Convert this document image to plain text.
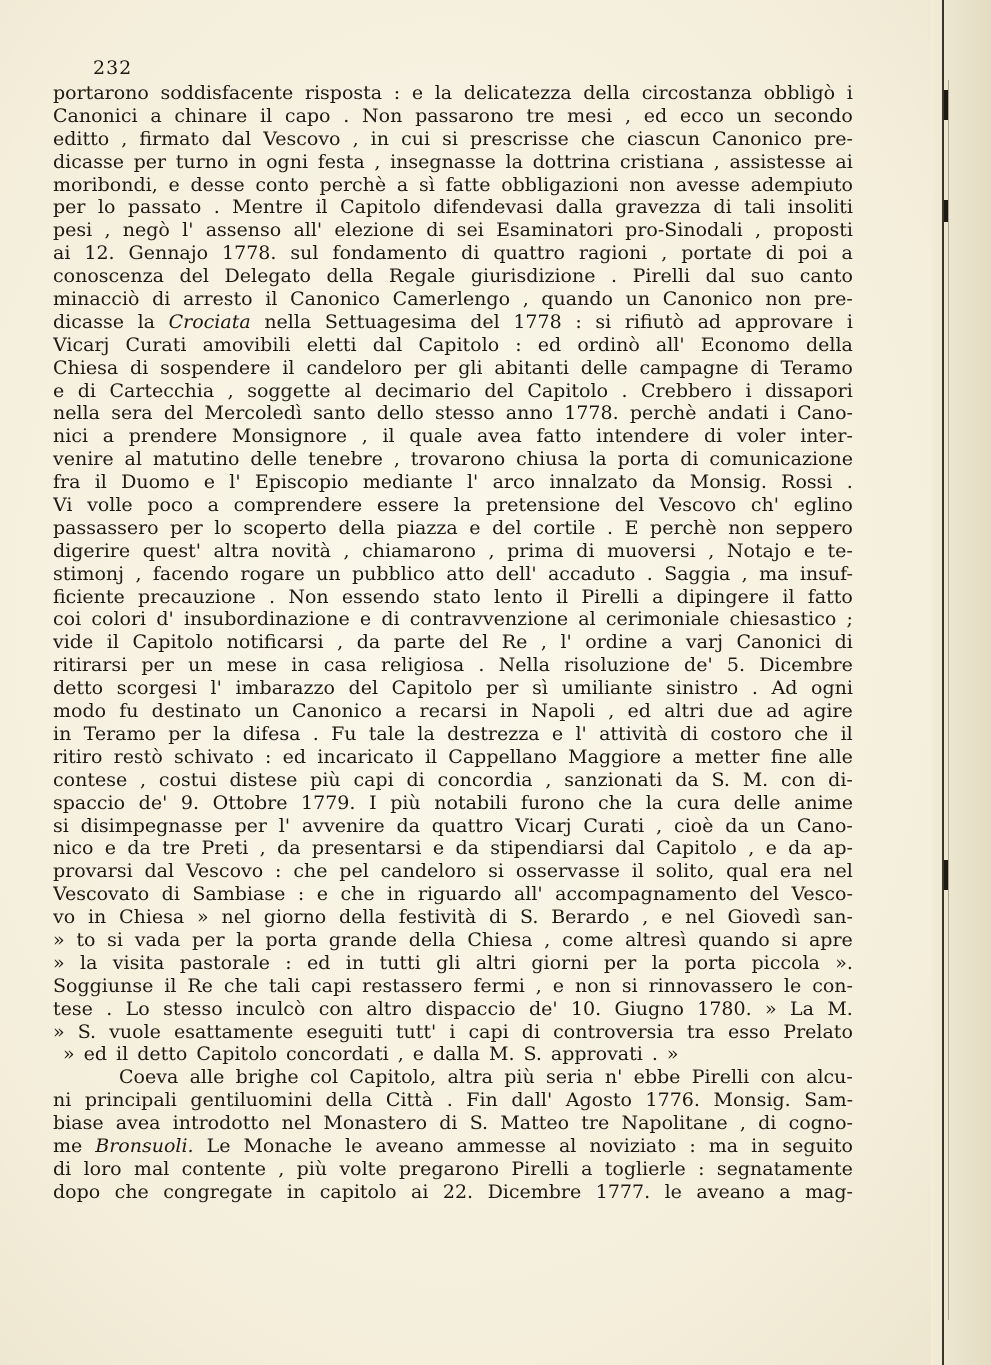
232
portarono soddisfacente risposta : e la delicatezza della circostanza obbligò i
Canonici a chinare il capo . Non passarono tre mesi , ed ecco un secondo
editto , firmato dal Vescovo , in cui si prescrisse che ciascun Canonico pre-
dicasse per turno in ogni festa , insegnasse la dottrina cristiana , assistesse ai
moribondi, e desse conto perchè a sì fatte obbligazioni non avesse adempiuto
per lo passato . Mentre il Capitolo difendevasi dalla gravezza di tali insoliti
pesi , negò l' assenso all' elezione di sei Esaminatori pro-Sinodali , proposti
ai 12. Gennajo 1778. sul fondamento di quattro ragioni , portate di poi a
conoscenza del Delegato della Regale giurisdizione . Pirelli dal suo canto
minacciò di arresto il Canonico Camerlengo , quando un Canonico non pre-
dicasse la Crociata nella Settuagesima del 1778 : si rifiutò ad approvare i
Vicarj Curati amovibili eletti dal Capitolo : ed ordinò all' Economo della
Chiesa di sospendere il candeloro per gli abitanti delle campagne di Teramo
e di Cartecchia , soggette al decimario del Capitolo . Crebbero i dissapori
nella sera del Mercoledì santo dello stesso anno 1778. perchè andati i Cano-
nici a prendere Monsignore , il quale avea fatto intendere di voler inter-
venire al matutino delle tenebre , trovarono chiusa la porta di comunicazione
fra il Duomo e l' Episcopio mediante l' arco innalzato da Monsig. Rossi .
Vi volle poco a comprendere essere la pretensione del Vescovo ch' eglino
passassero per lo scoperto della piazza e del cortile . E perchè non seppero
digerire quest' altra novità , chiamarono , prima di muoversi , Notajo e te-
stimonj , facendo rogare un pubblico atto dell' accaduto . Saggia , ma insuf-
ficiente precauzione . Non essendo stato lento il Pirelli a dipingere il fatto
coi colori d' insubordinazione e di contravvenzione al cerimoniale chiesastico ;
vide il Capitolo notificarsi , da parte del Re , l' ordine a varj Canonici di
ritirarsi per un mese in casa religiosa . Nella risoluzione de' 5. Dicembre
detto scorgesi l' imbarazzo del Capitolo per sì umiliante sinistro . Ad ogni
modo fu destinato un Canonico a recarsi in Napoli , ed altri due ad agire
in Teramo per la difesa . Fu tale la destrezza e l' attività di costoro che il
ritiro restò schivato : ed incaricato il Cappellano Maggiore a metter fine alle
contese , costui distese più capi di concordia , sanzionati da S. M. con di-
spaccio de' 9. Ottobre 1779. I più notabili furono che la cura delle anime
si disimpegnasse per l' avvenire da quattro Vicarj Curati , cioè da un Cano-
nico e da tre Preti , da presentarsi e da stipendiarsi dal Capitolo , e da ap-
provarsi dal Vescovo : che pel candeloro si osservasse il solito, qual era nel
Vescovato di Sambiase : e che in riguardo all' accompagnamento del Vesco-
vo in Chiesa » nel giorno della festività di S. Berardo , e nel Giovedì san-
» to si vada per la porta grande della Chiesa , come altresì quando si apre
» la visita pastorale : ed in tutti gli altri giorni per la porta piccola ».
Soggiunse il Re che tali capi restassero fermi , e non si rinnovassero le con-
tese . Lo stesso inculcò con altro dispaccio de' 10. Giugno 1780. » La M.
» S. vuole esattamente eseguiti tutt' i capi di controversia tra esso Prelato
» ed il detto Capitolo concordati , e dalla M. S. approvati . »
Coeva alle brighe col Capitolo, altra più seria n' ebbe Pirelli con alcu-
ni principali gentiluomini della Città . Fin dall' Agosto 1776. Monsig. Sam-
biase avea introdotto nel Monastero di S. Matteo tre Napolitane , di cogno-
me Bronsuoli. Le Monache le aveano ammesse al noviziato : ma in seguito
di loro mal contente , più volte pregarono Pirelli a toglierle : segnatamente
dopo che congregate in capitolo ai 22. Dicembre 1777. le aveano a mag-
